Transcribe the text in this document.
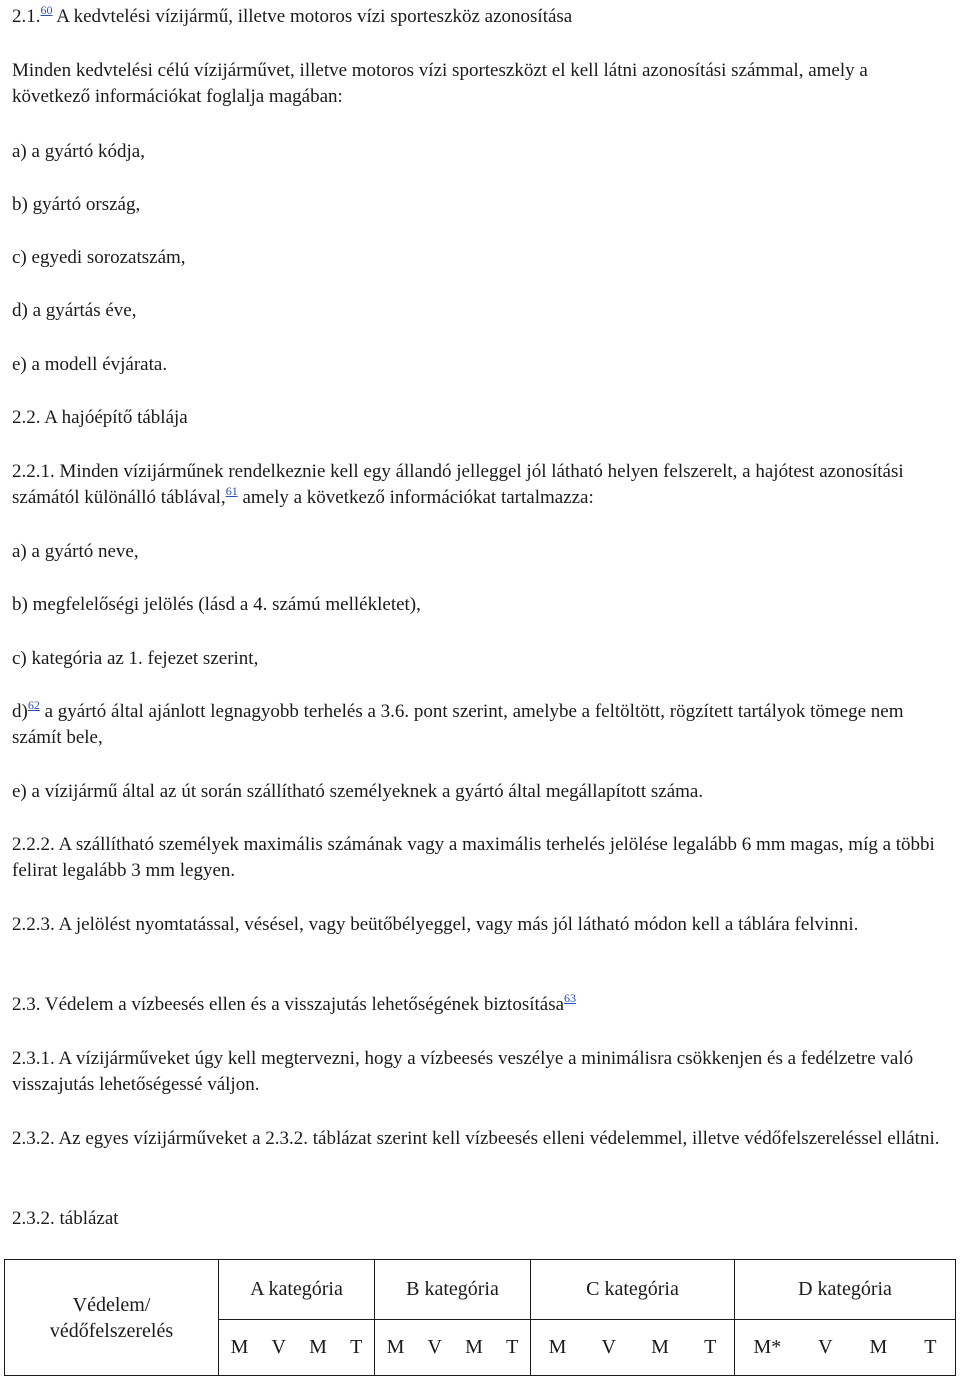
2.1.60 A kedvtelési vízijármű, illetve motoros vízi sporteszköz azonosítása

Minden kedvtelési célú vízijárművet, illetve motoros vízi sporteszközt el kell látni azonosítási számmal, amely a következő információkat foglalja magában:

a) a gyártó kódja,

b) gyártó ország,

c) egyedi sorozatszám,

d) a gyártás éve,

e) a modell évjárata.

2.2. A hajóépítő táblája

2.2.1. Minden vízijárműnek rendelkeznie kell egy állandó jelleggel jól látható helyen felszerelt, a hajótest azonosítási számától különálló táblával,$^{61}$ amely a következő információkat tartalmazza:

a) a gyártó neve,

b) megfelelőségi jelölés (lásd a 4. számú mellékletet),

c) kategória az 1. fejezet szerint,

d)$^{62}$ a gyártó által ajánlott legnagyobb terhelés a 3.6. pont szerint, amelybe a feltöltött, rögzített tartályok tömege nem számít bele,

e) a vízijármű által az út során szállítható személyeknek a gyártó által megállapított száma.

2.2.2. A szállítható személyek maximális számának vagy a maximális terhelés jelölése legalább 6 mm magas, míg a többi felirat legalább 3 mm legyen.

2.2.3. A jelölést nyomtatással, vésésel, vagy beütőbélyeggel, vagy más jól látható módon kell a táblára felvinni.

2.3. Védelem a vízbeesés ellen és a visszajutás lehetőségének biztosítása$^{63}$

2.3.1. A vízijárműveket úgy kell megtervezni, hogy a vízbeesés veszélye a minimálisra csökkenjen és a fedélzetre való visszajutás lehetőségessé váljon.

2.3.2. Az egyes vízijárműveket a 2.3.2. táblázat szerint kell vízbeesés elleni védelemmel, illetve védőfelszereléssel ellátni.

2.3.2. táblázat

Védelem/
védőfelszerelés	A kategória	B kategória	C kategória	D kategória

	M V M T	M V M T	M V M T	M* V M T
